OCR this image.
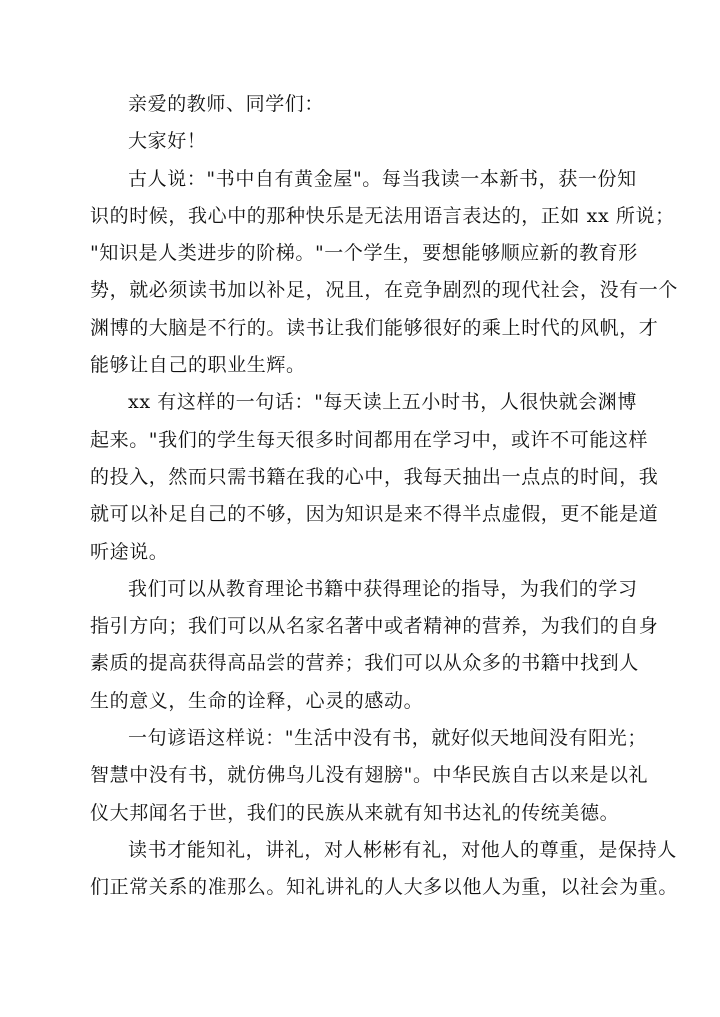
亲爱的教师、同学们：
大家好！
古人说："书中自有黄金屋"。每当我读一本新书，获一份知
识的时候，我心中的那种快乐是无法用语言表达的，正如 xx 所说；
"知识是人类进步的阶梯。"一个学生，要想能够顺应新的教育形
势，就必须读书加以补足，况且，在竞争剧烈的现代社会，没有一个
渊博的大脑是不行的。读书让我们能够很好的乘上时代的风帆，才
能够让自己的职业生辉。
xx 有这样的一句话："每天读上五小时书，人很快就会渊博
起来。"我们的学生每天很多时间都用在学习中，或许不可能这样
的投入，然而只需书籍在我的心中，我每天抽出一点点的时间，我
就可以补足自己的不够，因为知识是来不得半点虚假，更不能是道
听途说。
我们可以从教育理论书籍中获得理论的指导，为我们的学习
指引方向；我们可以从名家名著中或者精神的营养，为我们的自身
素质的提高获得高品尝的营养；我们可以从众多的书籍中找到人
生的意义，生命的诠释，心灵的感动。
一句谚语这样说："生活中没有书，就好似天地间没有阳光；
智慧中没有书，就仿佛鸟儿没有翅膀"。中华民族自古以来是以礼
仪大邦闻名于世，我们的民族从来就有知书达礼的传统美德。
读书才能知礼，讲礼，对人彬彬有礼，对他人的尊重，是保持人
们正常关系的准那么。知礼讲礼的人大多以他人为重，以社会为重。
